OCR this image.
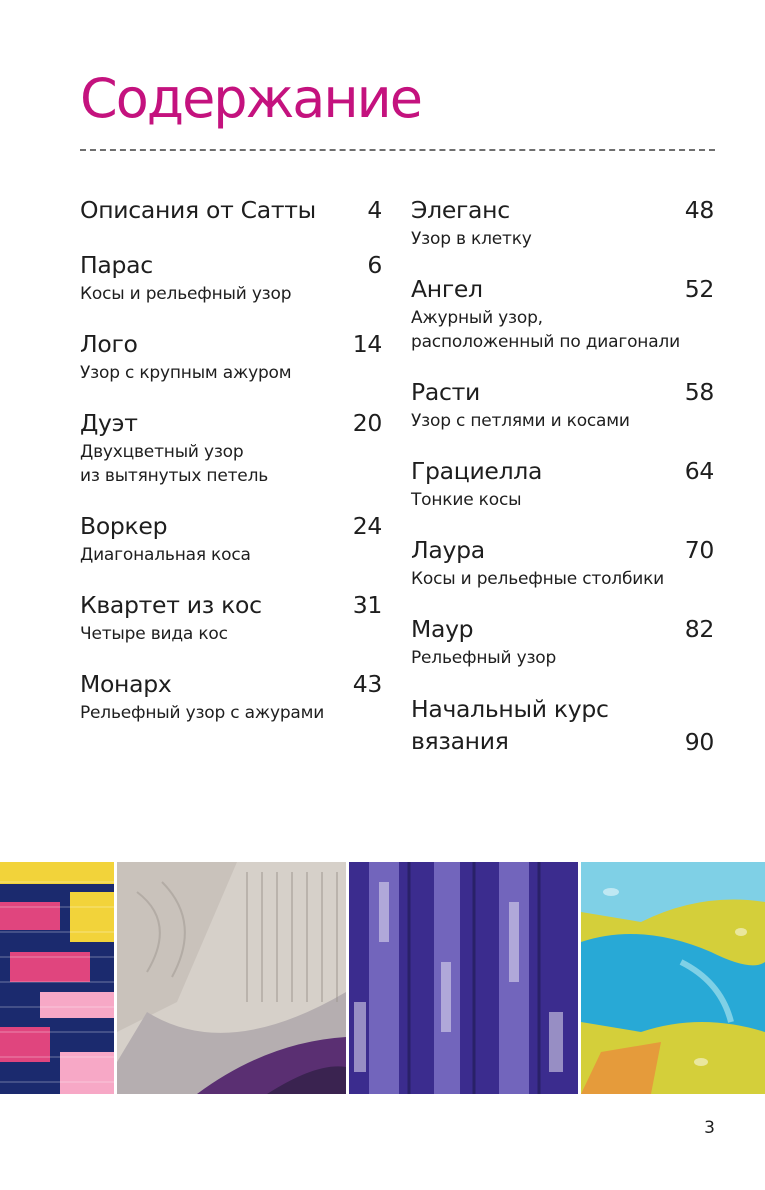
Содержание
Описания от Сатты	4
Парас	6
Косы и рельефный узор
Лого	14
Узор с крупным ажуром
Дуэт	20
Двухцветный узор
из вытянутых петель
Воркер	24
Диагональная коса
Квартет из кос	31
Четыре вида кос
Монарх	43
Рельефный узор с ажурами
Элеганс	48
Узор в клетку
Ангел	52
Ажурный узор,
расположенный по диагонали
Расти	58
Узор с петлями и косами
Грациелла	64
Тонкие косы
Лаура	70
Косы и рельефные столбики
Маур	82
Рельефный узор
Начальный курс
вязания	90
3
